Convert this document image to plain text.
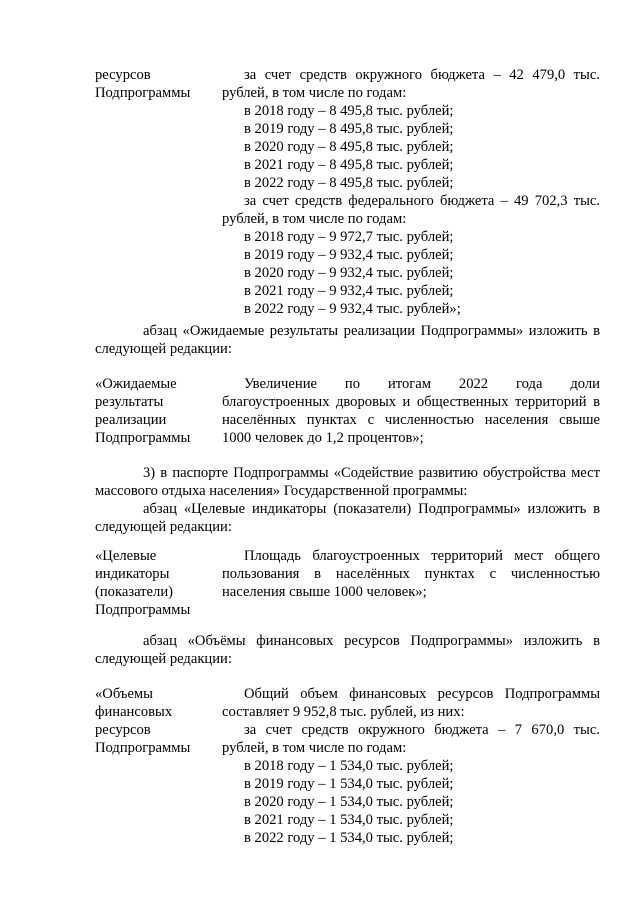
ресурсов
Подпрограммы
за счет средств окружного бюджета – 42 479,0 тыс.
рублей, в том числе по годам:
в 2018 году – 8 495,8 тыс. рублей;
в 2019 году – 8 495,8 тыс. рублей;
в 2020 году – 8 495,8 тыс. рублей;
в 2021 году – 8 495,8 тыс. рублей;
в 2022 году – 8 495,8 тыс. рублей;
за счет средств федерального бюджета – 49 702,3 тыс.
рублей, в том числе по годам:
в 2018 году – 9 972,7 тыс. рублей;
в 2019 году – 9 932,4 тыс. рублей;
в 2020 году – 9 932,4 тыс. рублей;
в 2021 году – 9 932,4 тыс. рублей;
в 2022 году – 9 932,4 тыс. рублей»;
абзац «Ожидаемые результаты реализации Подпрограммы» изложить в
следующей редакции:
«Ожидаемые
результаты
реализации
Подпрограммы
Увеличение по итогам 2022 года доли
благоустроенных дворовых и общественных территорий в
населённых пунктах с численностью населения свыше
1000 человек до 1,2 процентов»;
3) в паспорте Подпрограммы «Содействие развитию обустройства мест
массового отдыха населения» Государственной программы:
абзац «Целевые индикаторы (показатели) Подпрограммы» изложить в
следующей редакции:
«Целевые
индикаторы
(показатели)
Подпрограммы
Площадь благоустроенных территорий мест общего
пользования в населённых пунктах с численностью
населения свыше 1000 человек»;
абзац «Объёмы финансовых ресурсов Подпрограммы» изложить в
следующей редакции:
«Объемы
финансовых
ресурсов
Подпрограммы
Общий объем финансовых ресурсов Подпрограммы
составляет 9 952,8 тыс. рублей, из них:
за счет средств окружного бюджета – 7 670,0 тыс.
рублей, в том числе по годам:
в 2018 году – 1 534,0 тыс. рублей;
в 2019 году – 1 534,0 тыс. рублей;
в 2020 году – 1 534,0 тыс. рублей;
в 2021 году – 1 534,0 тыс. рублей;
в 2022 году – 1 534,0 тыс. рублей;
